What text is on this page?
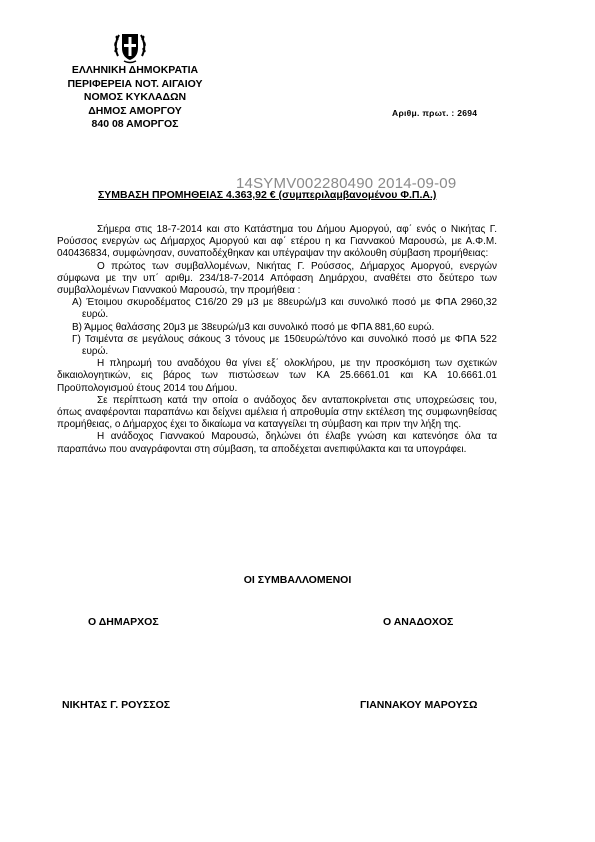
ΕΛΛΗΝΙΚΗ ΔΗΜΟΚΡΑΤΙΑ
ΠΕΡΙΦΕΡΕΙΑ ΝΟΤ. ΑΙΓΑΙΟΥ
ΝΟΜΟΣ ΚΥΚΛΑΔΩΝ
ΔΗΜΟΣ ΑΜΟΡΓΟΥ
840 08 ΑΜΟΡΓΟΣ
Αριθμ. πρωτ. : 2694
ΣΥΜΒΑΣΗ ΠΡΟΜΗΘΕΙΑΣ 4.363,92 € (συμπεριλαμβανομένου Φ.Π.Α.)
14SYMV002280490 2014-09-09

Σήμερα στις 18-7-2014 και στο Κατάστημα του Δήμου Αμοργού, αφ΄ ενός ο Νικήτας Γ. Ρούσσος ενεργών ως Δήμαρχος Αμοργού και αφ΄ ετέρου η κα Γιαννακού Μαρουσώ, με Α.Φ.Μ. 040436834, συμφώνησαν, συναποδέχθηκαν και υπέγραψαν την ακόλουθη σύμβαση προμήθειας:

Ο πρώτος των συμβαλλομένων, Νικήτας Γ. Ρούσσος, Δήμαρχος Αμοργού, ενεργών σύμφωνα με την υπ΄ αριθμ. 234/18-7-2014 Απόφαση Δημάρχου, αναθέτει στο δεύτερο των συμβαλλομένων Γιαννακού Μαρουσώ, την προμήθεια :

Α) Έτοιμου σκυροδέματος C16/20 29 μ3 με 88ευρώ/μ3 και συνολικό ποσό με ΦΠΑ 2960,32 ευρώ.

Β) Άμμος θαλάσσης 20μ3 με 38ευρώ/μ3 και συνολικό ποσό με ΦΠΑ 881,60 ευρώ.

Γ) Τσιμέντα σε μεγάλους σάκους 3 τόνους με 150ευρώ/τόνο και συνολικό ποσό με ΦΠΑ 522 ευρώ.

Η πληρωμή του αναδόχου θα γίνει εξ΄ ολοκλήρου, με την προσκόμιση των σχετικών δικαιολογητικών, εις βάρος των πιστώσεων των ΚΑ 25.6661.01 και ΚΑ 10.6661.01 Προϋπολογισμού έτους 2014 του Δήμου.

Σε περίπτωση κατά την οποία ο ανάδοχος δεν ανταποκρίνεται στις υποχρεώσεις του, όπως αναφέρονται παραπάνω και δείχνει αμέλεια ή απροθυμία στην εκτέλεση της συμφωνηθείσας προμήθειας, ο Δήμαρχος έχει το δικαίωμα να καταγγείλει τη σύμβαση και πριν την λήξη της.

Η ανάδοχος Γιαννακού Μαρουσώ, δηλώνει ότι έλαβε γνώση και κατενόησε όλα τα παραπάνω που αναγράφονται στη σύμβαση, τα αποδέχεται ανεπιφύλακτα και τα υπογράφει.

ΟΙ ΣΥΜΒΑΛΛΟΜΕΝΟΙ
Ο ΔΗΜΑΡΧΟΣ	Ο ΑΝΑΔΟΧΟΣ
ΝΙΚΗΤΑΣ Γ. ΡΟΥΣΣΟΣ	ΓΙΑΝΝΑΚΟΥ ΜΑΡΟΥΣΩ
